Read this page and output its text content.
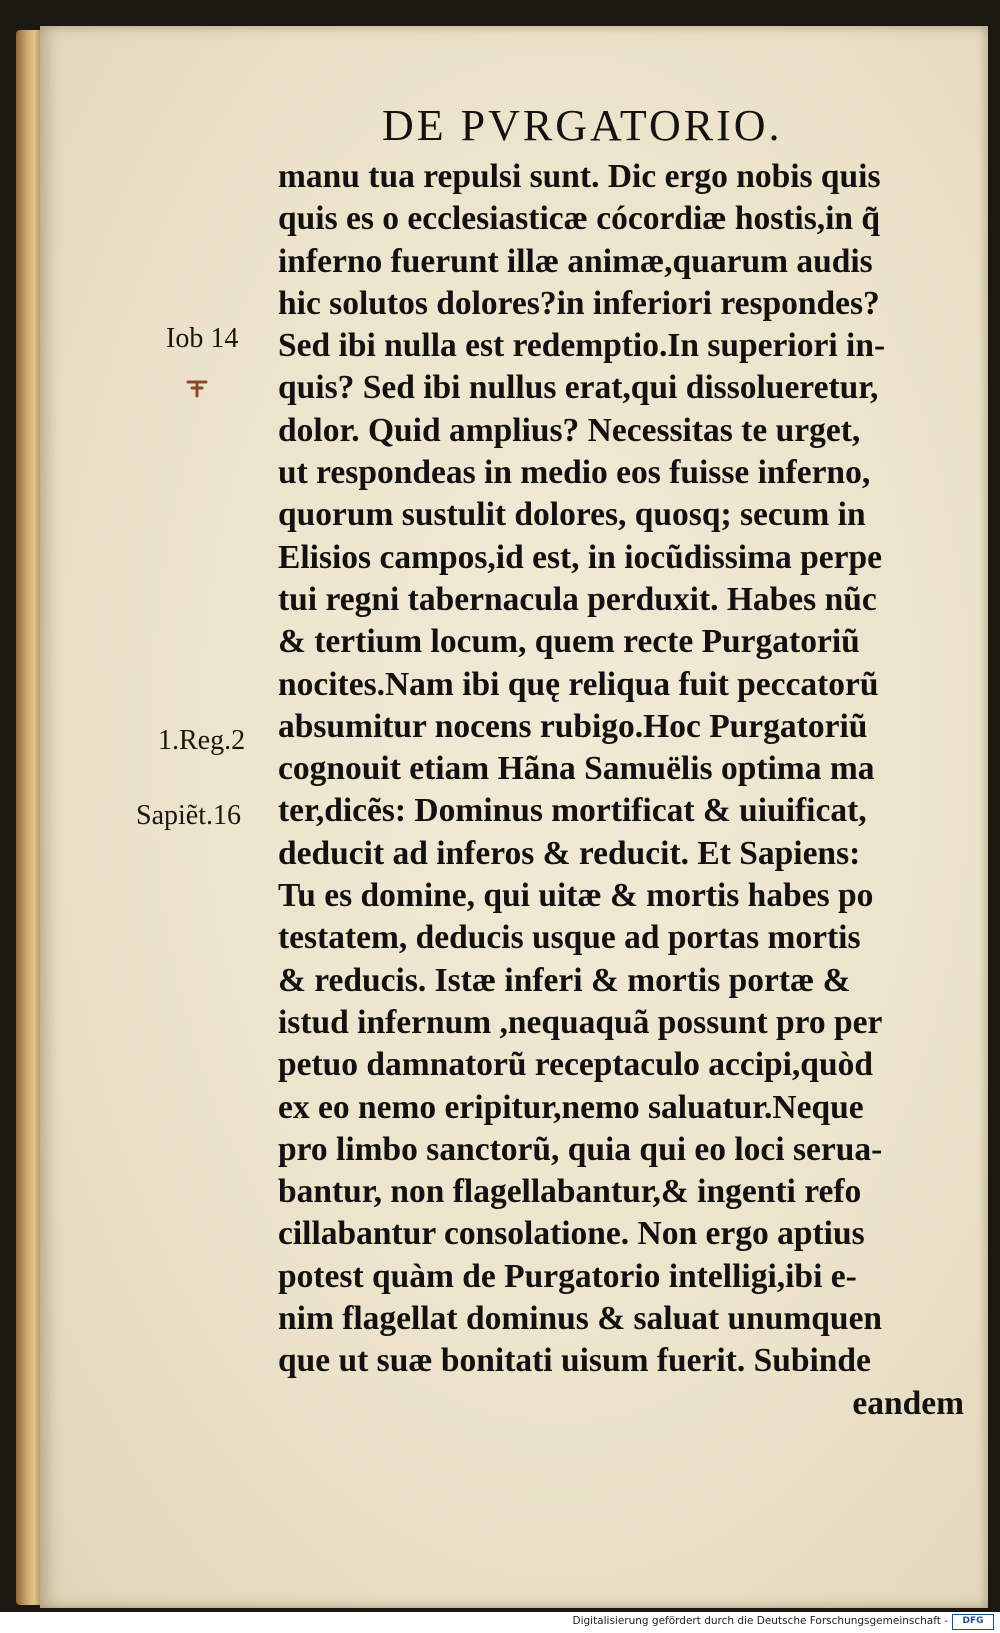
DE PVRGATORIO.
Iob 14
1.Reg.2
Sapiẽt.16
manu tua repulsi sunt. Dic ergo nobis quis
quis es o ecclesiasticæ cócordiæ hostis,in q̃
inferno fuerunt illæ animæ,quarum audis
hic solutos dolores?in inferiori respondes?
Sed ibi nulla est redemptio.In superiori in-
quis? Sed ibi nullus erat,qui dissolueretur,
dolor. Quid amplius? Necessitas te urget,
ut respondeas in medio eos fuisse inferno,
quorum sustulit dolores, quosq; secum in
Elisios campos,id est, in iocũdissima perpe
tui regni tabernacula perduxit. Habes nũc
& tertium locum, quem recte Purgatoriũ
nocites.Nam ibi quę reliqua fuit peccatorũ
absumitur nocens rubigo.Hoc Purgatoriũ
cognouit etiam Hãna Samuëlis optima ma
ter,dicẽs: Dominus mortificat & uiuificat,
deducit ad inferos & reducit. Et Sapiens:
Tu es domine, qui uitæ & mortis habes po
testatem, deducis usque ad portas mortis
& reducis. Istæ inferi & mortis portæ &
istud infernum ,nequaquã possunt pro per
petuo damnatorũ receptaculo accipi,quòd
ex eo nemo eripitur,nemo saluatur.Neque
pro limbo sanctorũ, quia qui eo loci serua-
bantur, non flagellabantur,& ingenti refo
cillabantur consolatione. Non ergo aptius
potest quàm de Purgatorio intelligi,ibi e-
nim flagellat dominus & saluat unumquen
que ut suæ bonitati uisum fuerit. Subinde
eandem
Digitalisierung gefördert durch die Deutsche Forschungsgemeinschaft -	DFG
